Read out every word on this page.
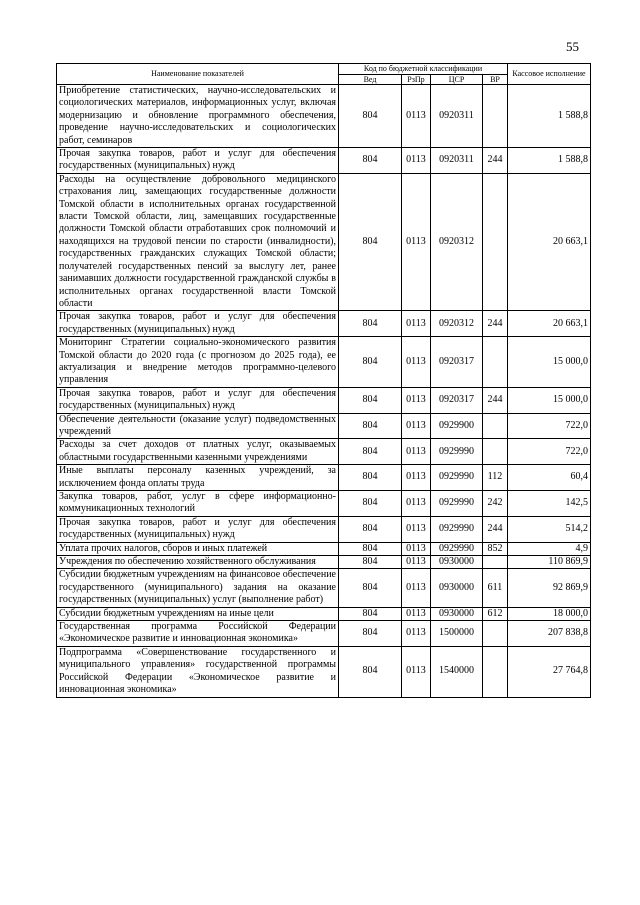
55
Наименование показателей	Код по бюджетной классификации				Кассовое исполнение
	Вед	РзПр	ЦСР	ВР	
Приобретение статистических, научно-исследовательских и социологических материалов, информационных услуг, включая модернизацию и обновление программного обеспечения, проведение научно-исследовательских и социологических работ, семинаров	804	0113	0920311		1 588,8
Прочая закупка товаров, работ и услуг для обеспечения государственных (муниципальных) нужд	804	0113	0920311	244	1 588,8
Расходы на осуществление добровольного медицинского страхования лиц, замещающих государственные должности Томской области в исполнительных органах государственной власти Томской области, лиц, замещавших государственные должности Томской области отработавших срок полномочий и находящихся на трудовой пенсии по старости (инвалидности), государственных гражданских служащих Томской области; получателей государственных пенсий за выслугу лет, ранее занимавших должности государственной гражданской службы в исполнительных органах государственной власти Томской области	804	0113	0920312		20 663,1
Прочая закупка товаров, работ и услуг для обеспечения государственных (муниципальных) нужд	804	0113	0920312	244	20 663,1
Мониторинг Стратегии социально-экономического развития Томской области до 2020 года (с прогнозом до 2025 года), ее актуализация и внедрение методов программно-целевого управления	804	0113	0920317		15 000,0
Прочая закупка товаров, работ и услуг для обеспечения государственных (муниципальных) нужд	804	0113	0920317	244	15 000,0
Обеспечение деятельности (оказание услуг) подведомственных учреждений	804	0113	0929900		722,0
Расходы за счет доходов от платных услуг, оказываемых областными государственными казенными учреждениями	804	0113	0929990		722,0
Иные выплаты персоналу казенных учреждений, за исключением фонда оплаты труда	804	0113	0929990	112	60,4
Закупка товаров, работ, услуг в сфере информационно-коммуникационных технологий	804	0113	0929990	242	142,5
Прочая закупка товаров, работ и услуг для обеспечения государственных (муниципальных) нужд	804	0113	0929990	244	514,2
Уплата прочих налогов, сборов и иных платежей	804	0113	0929990	852	4,9
Учреждения по обеспечению хозяйственного обслуживания	804	0113	0930000		110 869,9
Субсидии бюджетным учреждениям на финансовое обеспечение государственного (муниципального) задания на оказание государственных (муниципальных) услуг (выполнение работ)	804	0113	0930000	611	92 869,9
Субсидии бюджетным учреждениям на иные цели	804	0113	0930000	612	18 000,0
Государственная программа Российской Федерации «Экономическое развитие и инновационная экономика»	804	0113	1500000		207 838,8
Подпрограмма «Совершенствование государственного и муниципального управления» государственной программы Российской Федерации «Экономическое развитие и инновационная экономика»	804	0113	1540000		27 764,8
